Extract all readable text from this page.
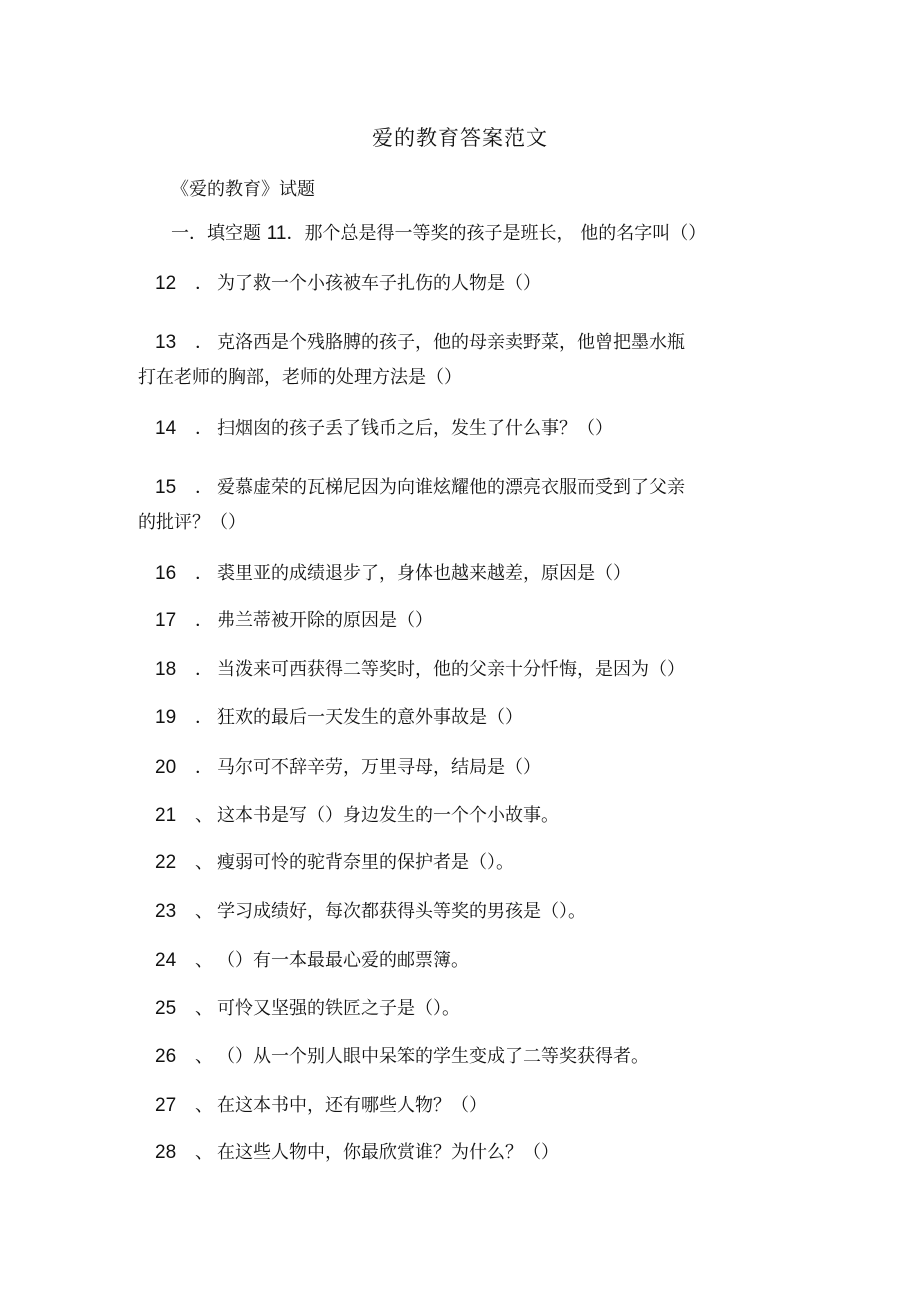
爱的教育答案范文
《爱的教育》试题
一．填空题 11．那个总是得一等奖的孩子是班长， 他的名字叫（）
12 ． 为了救一个小孩被车子扎伤的人物是（）
13 ． 克洛西是个残胳膊的孩子，他的母亲卖野菜，他曾把墨水瓶
打在老师的胸部，老师的处理方法是（）
14 ． 扫烟囱的孩子丢了钱币之后，发生了什么事？（）
15 ． 爱慕虚荣的瓦梯尼因为向谁炫耀他的漂亮衣服而受到了父亲
的批评？（）
16 ． 裘里亚的成绩退步了，身体也越来越差，原因是（）
17 ． 弗兰蒂被开除的原因是（）
18 ． 当泼来可西获得二等奖时，他的父亲十分忏悔，是因为（）
19 ． 狂欢的最后一天发生的意外事故是（）
20 ． 马尔可不辞辛劳，万里寻母，结局是（）
21 、 这本书是写（）身边发生的一个个小故事。
22 、 瘦弱可怜的驼背奈里的保护者是（）。
23 、 学习成绩好，每次都获得头等奖的男孩是（）。
24 、 （）有一本最最心爱的邮票簿。
25 、 可怜又坚强的铁匠之子是（）。
26 、 （）从一个别人眼中呆笨的学生变成了二等奖获得者。
27 、 在这本书中，还有哪些人物？（）
28 、 在这些人物中，你最欣赏谁？为什么？（）
